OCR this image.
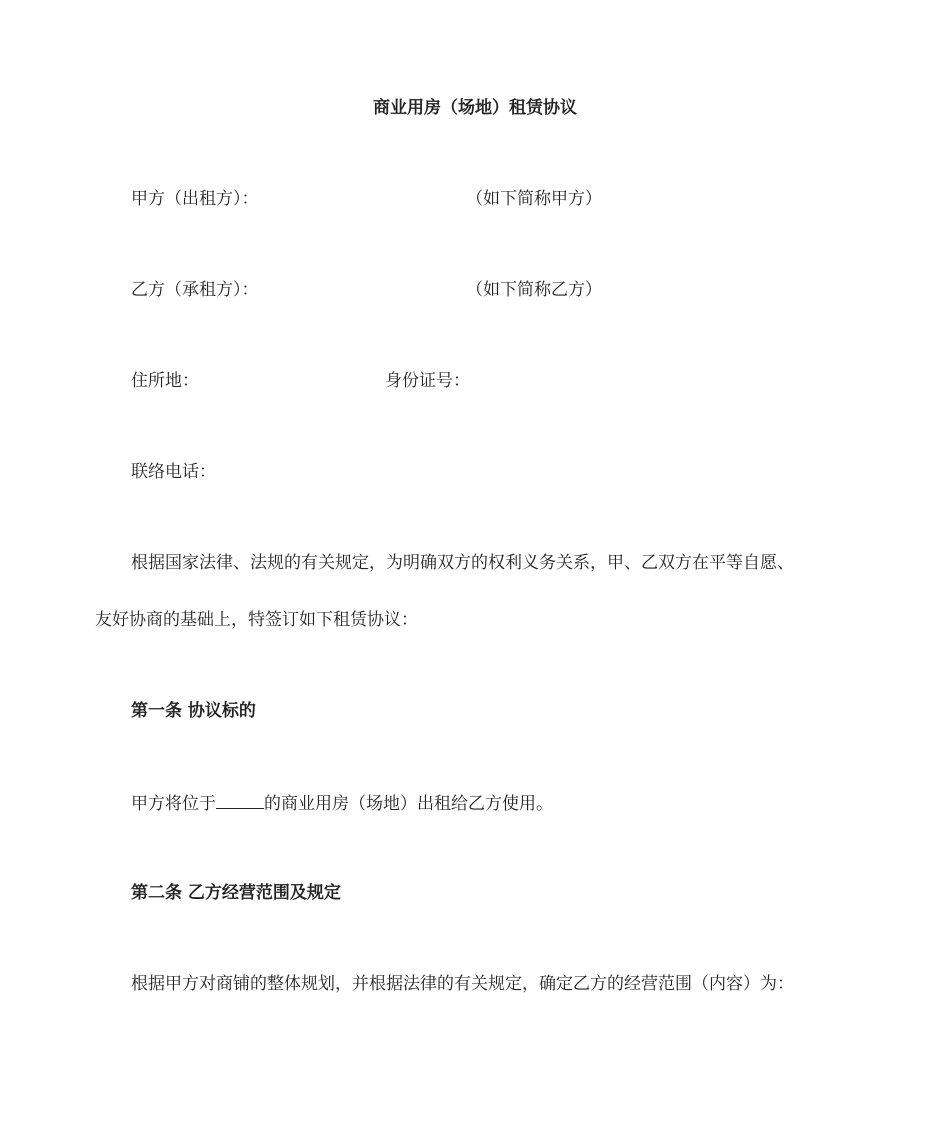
商业用房（场地）租赁协议
甲方（出租方）：	（如下简称甲方）
乙方（承租方）：	（如下简称乙方）
住所地：	身份证号：
联络电话：
根据国家法律、法规的有关规定，为明确双方的权利义务关系，甲、乙双方在平等自愿、
友好协商的基础上，特签订如下租赁协议：
第一条 协议标的
甲方将位于	的商业用房（场地）出租给乙方使用。
第二条 乙方经营范围及规定
根据甲方对商铺的整体规划，并根据法律的有关规定，确定乙方的经营范围（内容）为：
